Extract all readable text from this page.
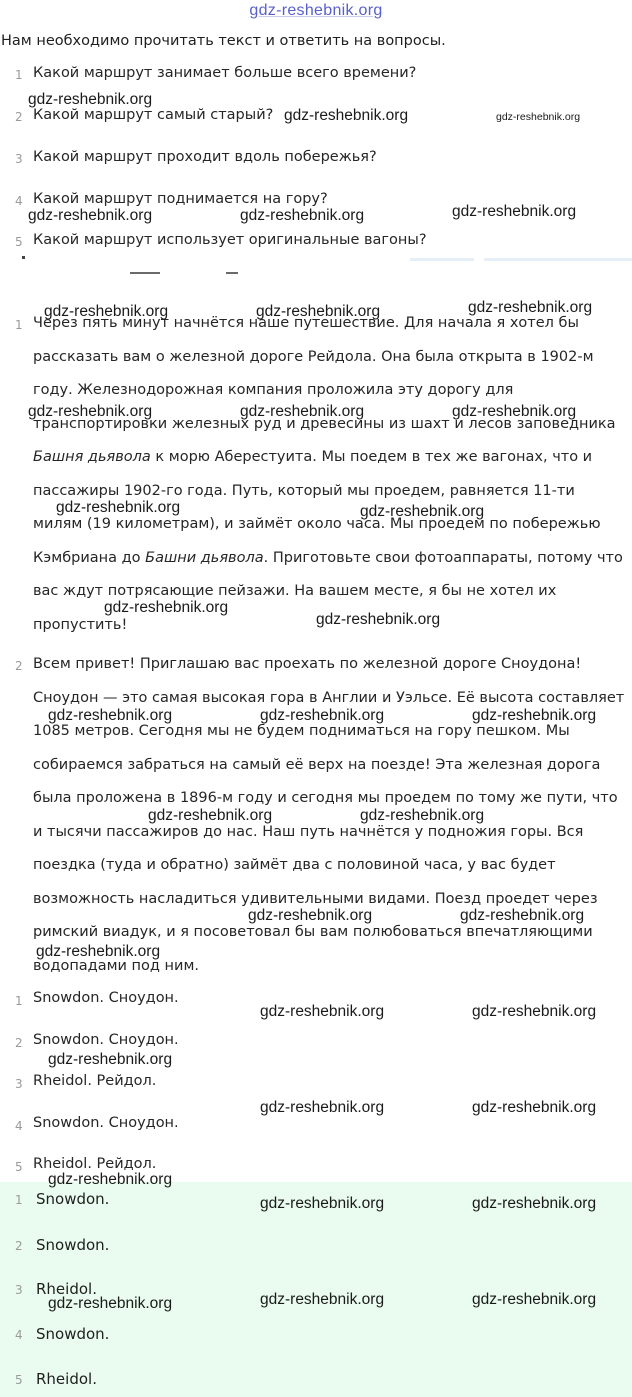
gdz-reshebnik.org
Нам необходимо прочитать текст и ответить на вопросы.
1 Какой маршрут занимает больше всего времени?
2 Какой маршрут самый старый?
3 Какой маршрут проходит вдоль побережья?
4 Какой маршрут поднимается на гору?
5 Какой маршрут использует оригинальные вагоны?
1 Через пять минут начнётся наше путешествие. Для начала я хотел бы рассказать вам о железной дороге Рейдола. Она была открыта в 1902-м году. Железнодорожная компания проложила эту дорогу для транспортировки железных руд и древесины из шахт и лесов заповедника Башня дьявола к морю Аберестуита. Мы поедем в тех же вагонах, что и пассажиры 1902-го года. Путь, который мы проедем, равняется 11-ти милям (19 километрам), и займёт около часа. Мы проедем по побережью Кэмбриана до Башни дьявола. Приготовьте свои фотоаппараты, потому что вас ждут потрясающие пейзажи. На вашем месте, я бы не хотел их пропустить!

2 Всем привет! Приглашаю вас проехать по железной дороге Сноудона! Сноудон — это самая высокая гора в Англии и Уэльсе. Её высота составляет 1085 метров. Сегодня мы не будем подниматься на гору пешком. Мы собираемся забраться на самый её верх на поезде! Эта железная дорога была проложена в 1896-м году и сегодня мы проедем по тому же пути, что и тысячи пассажиров до нас. Наш путь начнётся у подножия горы. Вся поездка (туда и обратно) займёт два с половиной часа, у вас будет возможность насладиться удивительными видами. Поезд проедет через римский виадук, и я посоветовал бы вам полюбоваться впечатляющими водопадами под ним.

1 Snowdon. Сноудон.
2 Snowdon. Сноудон.
3 Rheidol. Рейдол.
4 Snowdon. Сноудон.
5 Rheidol. Рейдол.
1 Snowdon.
2 Snowdon.
3 Rheidol.
4 Snowdon.
5 Rheidol.
gdz-reshebnik.org
gdz-reshebnik.org	gdz-reshebnik.org
gdz-reshebnik.org	gdz-reshebnik.org	gdz-reshebnik.org
gdz-reshebnik.org	gdz-reshebnik.org	gdz-reshebnik.org
gdz-reshebnik.org	gdz-reshebnik.org	gdz-reshebnik.org
gdz-reshebnik.org	gdz-reshebnik.org
gdz-reshebnik.org
gdz-reshebnik.org
gdz-reshebnik.org	gdz-reshebnik.org	gdz-reshebnik.org
gdz-reshebnik.org	gdz-reshebnik.org
gdz-reshebnik.org	gdz-reshebnik.org
gdz-reshebnik.org
gdz-reshebnik.org	gdz-reshebnik.org
gdz-reshebnik.org
gdz-reshebnik.org	gdz-reshebnik.org
gdz-reshebnik.org
gdz-reshebnik.org	gdz-reshebnik.org
gdz-reshebnik.org	gdz-reshebnik.org	gdz-reshebnik.org
